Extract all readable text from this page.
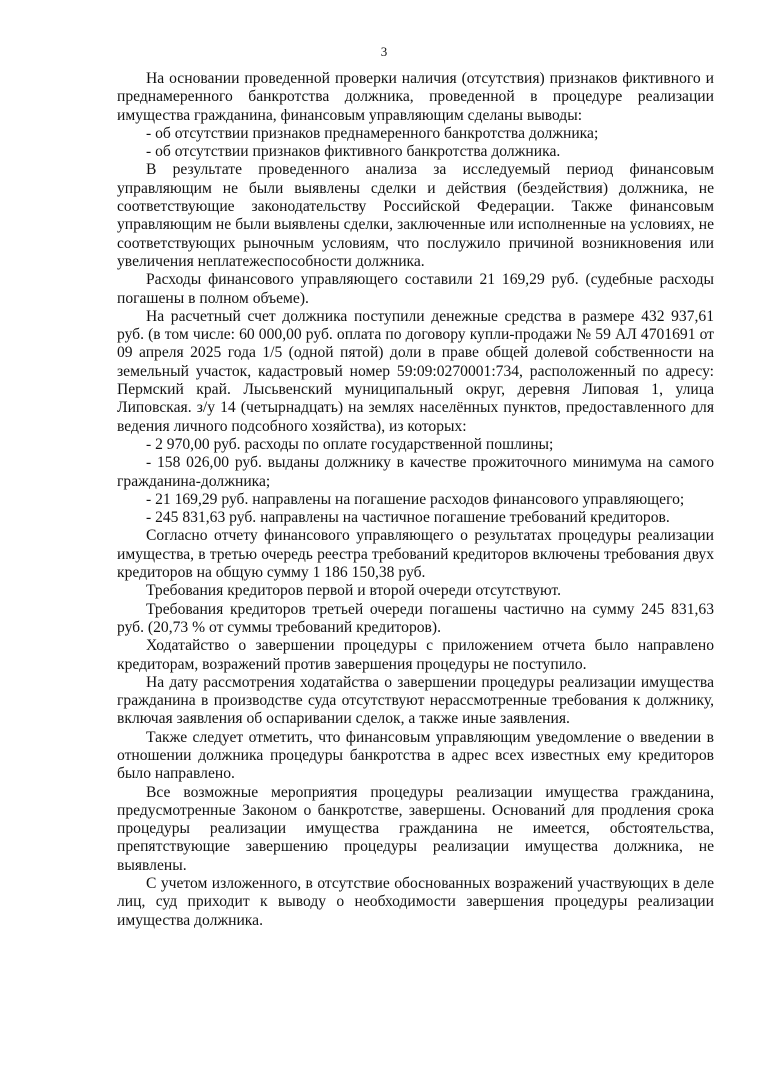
3

На основании проведенной проверки наличия (отсутствия) признаков фиктивного и преднамеренного банкротства должника, проведенной в процедуре реализации имущества гражданина, финансовым управляющим сделаны выводы:

- об отсутствии признаков преднамеренного банкротства должника;

- об отсутствии признаков фиктивного банкротства должника.

В результате проведенного анализа за исследуемый период финансовым управляющим не были выявлены сделки и действия (бездействия) должника, не соответствующие законодательству Российской Федерации. Также финансовым управляющим не были выявлены сделки, заключенные или исполненные на условиях, не соответствующих рыночным условиям, что послужило причиной возникновения или увеличения неплатежеспособности должника.

Расходы финансового управляющего составили 21 169,29 руб. (судебные расходы погашены в полном объеме).

На расчетный счет должника поступили денежные средства в размере 432 937,61 руб. (в том числе: 60 000,00 руб. оплата по договору купли-продажи № 59 АЛ 4701691 от 09 апреля 2025 года 1/5 (одной пятой) доли в праве общей долевой собственности на земельный участок, кадастровый номер 59:09:0270001:734, расположенный по адресу: Пермский край. Лысьвенский муниципальный округ, деревня Липовая 1, улица Липовская. з/у 14 (четырнадцать) на землях населённых пунктов, предоставленного для ведения личного подсобного хозяйства), из которых:

- 2 970,00 руб. расходы по оплате государственной пошлины;

- 158 026,00 руб. выданы должнику в качестве прожиточного минимума на самого гражданина-должника;

- 21 169,29 руб. направлены на погашение расходов финансового управляющего;

- 245 831,63 руб. направлены на частичное погашение требований кредиторов.

Согласно отчету финансового управляющего о результатах процедуры реализации имущества, в третью очередь реестра требований кредиторов включены требования двух кредиторов на общую сумму 1 186 150,38 руб.

Требования кредиторов первой и второй очереди отсутствуют.

Требования кредиторов третьей очереди погашены частично на сумму 245 831,63 руб. (20,73 % от суммы требований кредиторов).

Ходатайство о завершении процедуры с приложением отчета было направлено кредиторам, возражений против завершения процедуры не поступило.

На дату рассмотрения ходатайства о завершении процедуры реализации имущества гражданина в производстве суда отсутствуют нерассмотренные требования к должнику, включая заявления об оспаривании сделок, а также иные заявления.

Также следует отметить, что финансовым управляющим уведомление о введении в отношении должника процедуры банкротства в адрес всех известных ему кредиторов было направлено.

Все возможные мероприятия процедуры реализации имущества гражданина, предусмотренные Законом о банкротстве, завершены. Оснований для продления срока процедуры реализации имущества гражданина не имеется, обстоятельства, препятствующие завершению процедуры реализации имущества должника, не выявлены.

С учетом изложенного, в отсутствие обоснованных возражений участвующих в деле лиц, суд приходит к выводу о необходимости завершения процедуры реализации имущества должника.
